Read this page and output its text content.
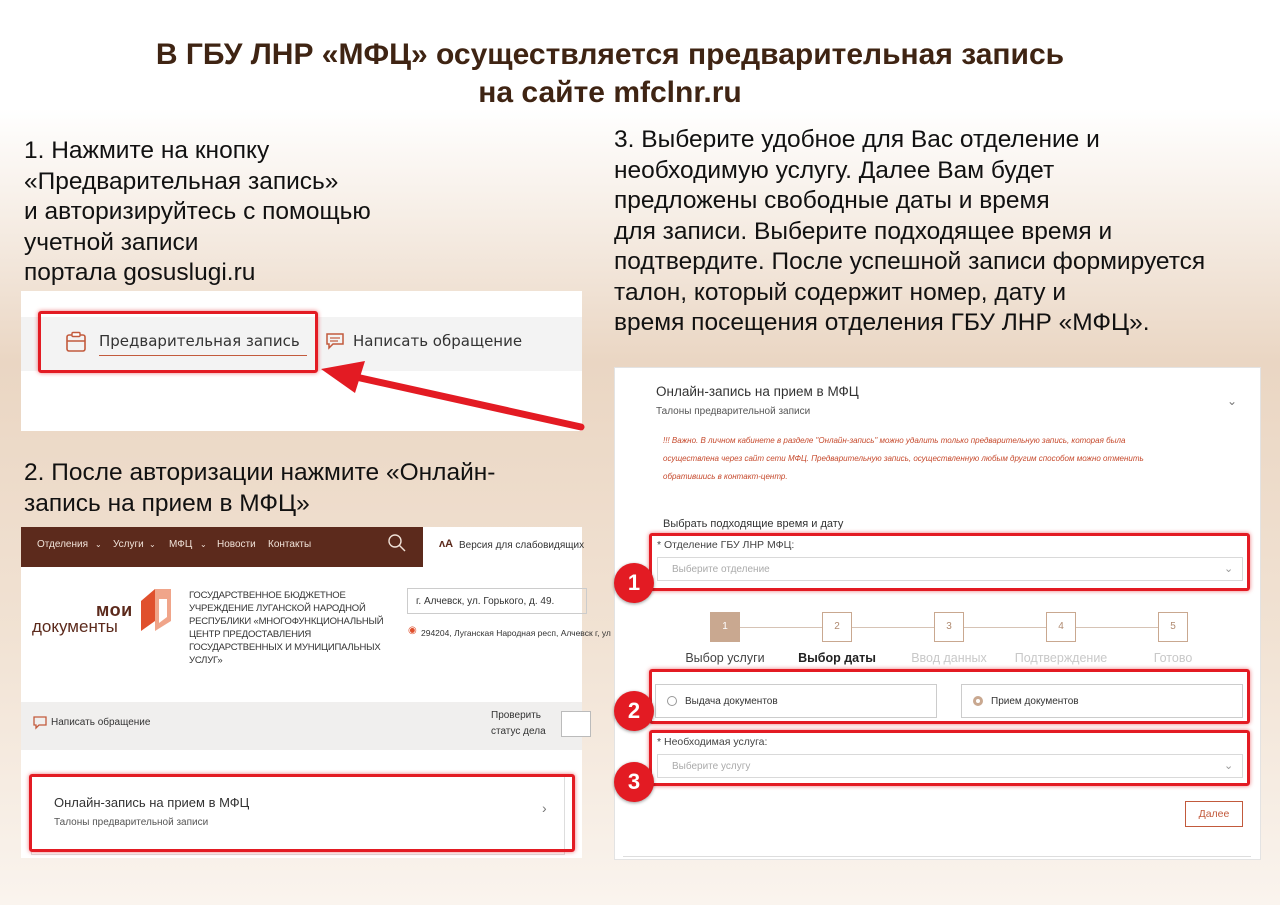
В ГБУ ЛНР «МФЦ» осуществляется предварительная запись
на сайте mfclnr.ru
1. Нажмите на кнопку
«Предварительная запись»
и авторизируйтесь с помощью
учетной записи
портала gosuslugi.ru
Предварительная запись	Написать обращение
2. После авторизации нажмите «Онлайн-
запись на прием в МФЦ»
Отделения Услуги	МФЦ Новости Контакты
⌄	⌄	⌄	ʌA Версия для слабовидящих
мои
документы
ГОСУДАРСТВЕННОЕ БЮДЖЕТНОЕ
УЧРЕЖДЕНИЕ ЛУГАНСКОЙ НАРОДНОЙ
РЕСПУБЛИКИ «МНОГОФУНКЦИОНАЛЬНЫЙ
ЦЕНТР ПРЕДОСТАВЛЕНИЯ
ГОСУДАРСТВЕННЫХ И МУНИЦИПАЛЬНЫХ
УСЛУГ»
г. Алчевск, ул. Горького, д. 49.
◉ 294204, Луганская Народная респ, Алчевск г, ул
Написать обращение
Проверить
статус дела
Онлайн-запись на прием в МФЦ
Талоны предварительной записи
›
3. Выберите удобное для Вас отделение и
необходимую услугу. Далее Вам будет
предложены свободные даты и время
для записи. Выберите подходящее время и
подтвердите. После успешной записи формируется
талон, который содержит номер, дату и
время посещения отделения ГБУ ЛНР «МФЦ».
Онлайн-запись на прием в МФЦ
Талоны предварительной записи
⌄
!!! Важно. В личном кабинете в разделе "Онлайн-запись" можно удалить только предварительную запись, которая была
осуществлена через сайт сети МФЦ. Предварительную запись, осуществленную любым другим способом можно отменить
обратившись в контакт-центр.
Выбрать подходящие время и дату
* Отделение ГБУ ЛНР МФЦ:
Выберите отделение	⌄
1	2	3	4	5
Выбор услуги	Выбор даты	Ввод данных	Подтверждение	Готово
Выдача документов	Прием документов
* Необходимая услуга:
Выберите услугу	⌄
Далее
1
2
3
